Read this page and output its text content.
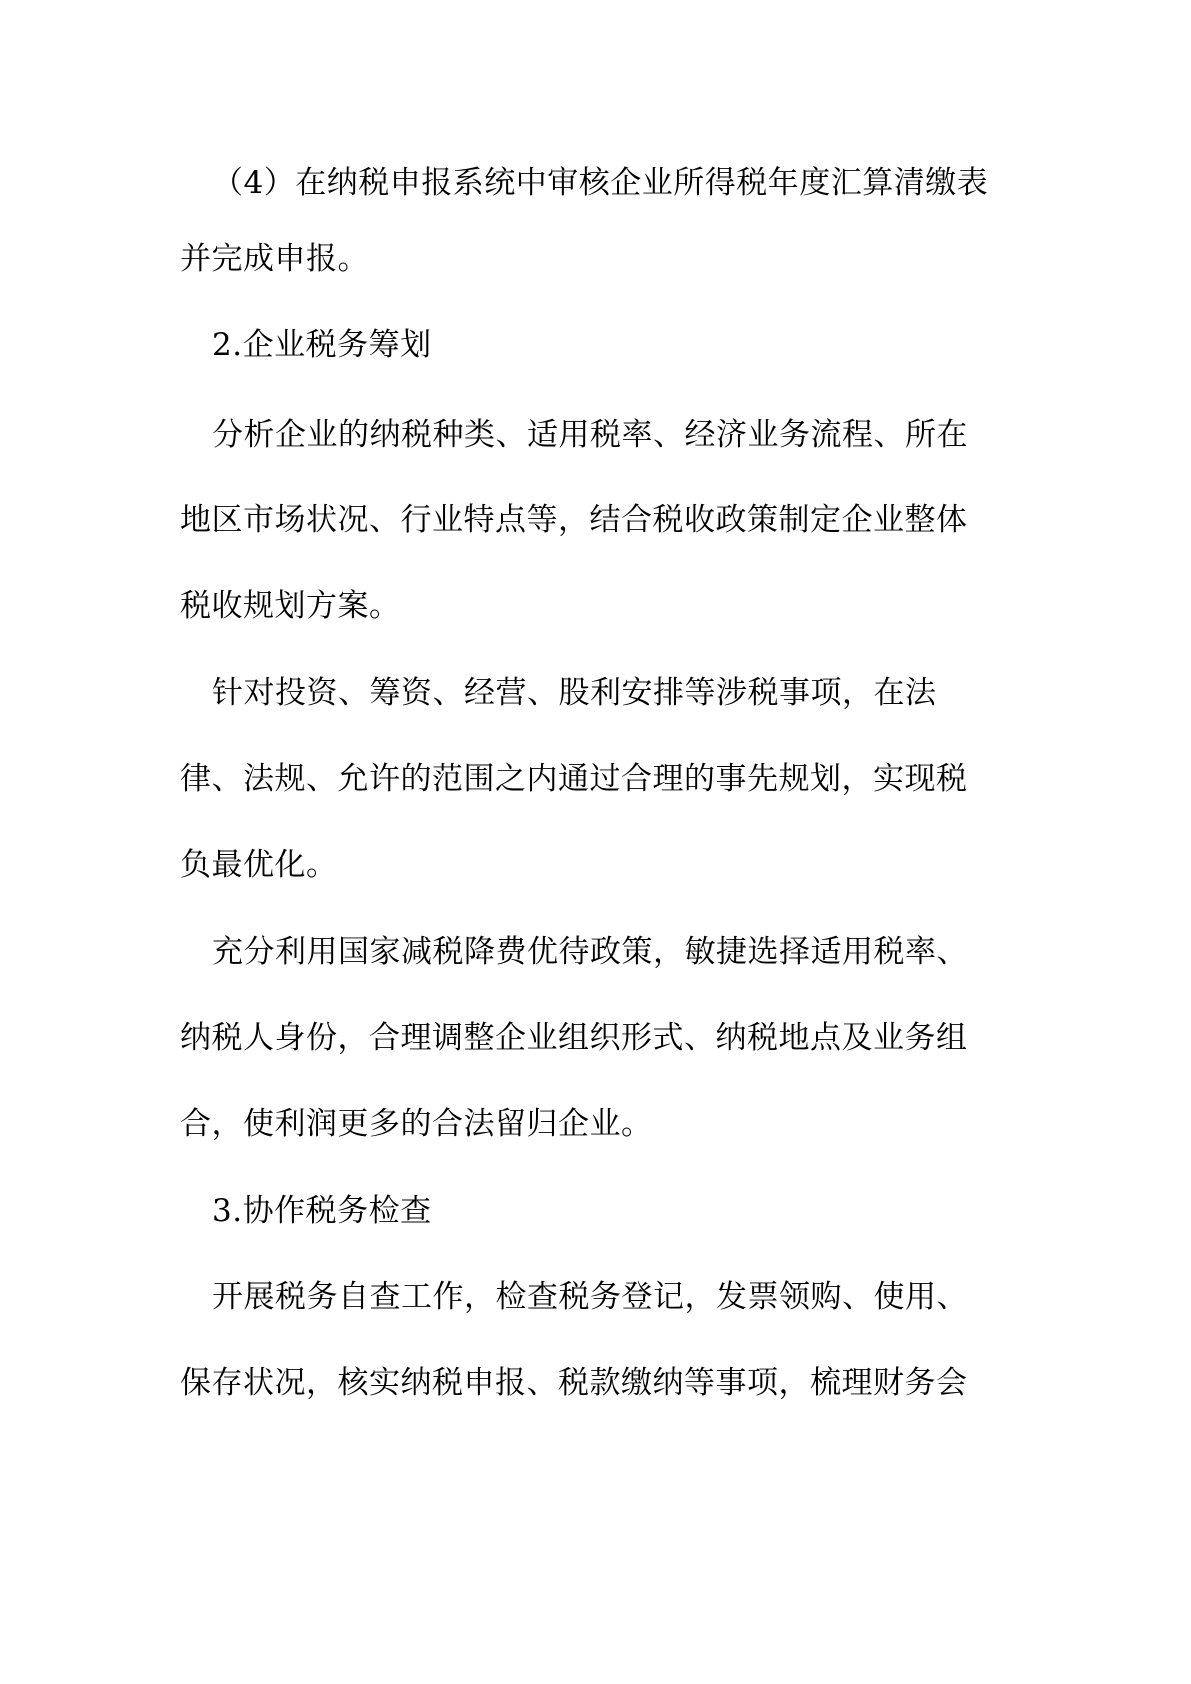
（4）在纳税申报系统中审核企业所得税年度汇算清缴表
并完成申报。
2.企业税务筹划
分析企业的纳税种类、适用税率、经济业务流程、所在
地区市场状况、行业特点等，结合税收政策制定企业整体
税收规划方案。
针对投资、筹资、经营、股利安排等涉税事项，在法
律、法规、允许的范围之内通过合理的事先规划，实现税
负最优化。
充分利用国家减税降费优待政策，敏捷选择适用税率、
纳税人身份，合理调整企业组织形式、纳税地点及业务组
合，使利润更多的合法留归企业。
3.协作税务检查
开展税务自查工作，检查税务登记，发票领购、使用、
保存状况，核实纳税申报、税款缴纳等事项，梳理财务会
